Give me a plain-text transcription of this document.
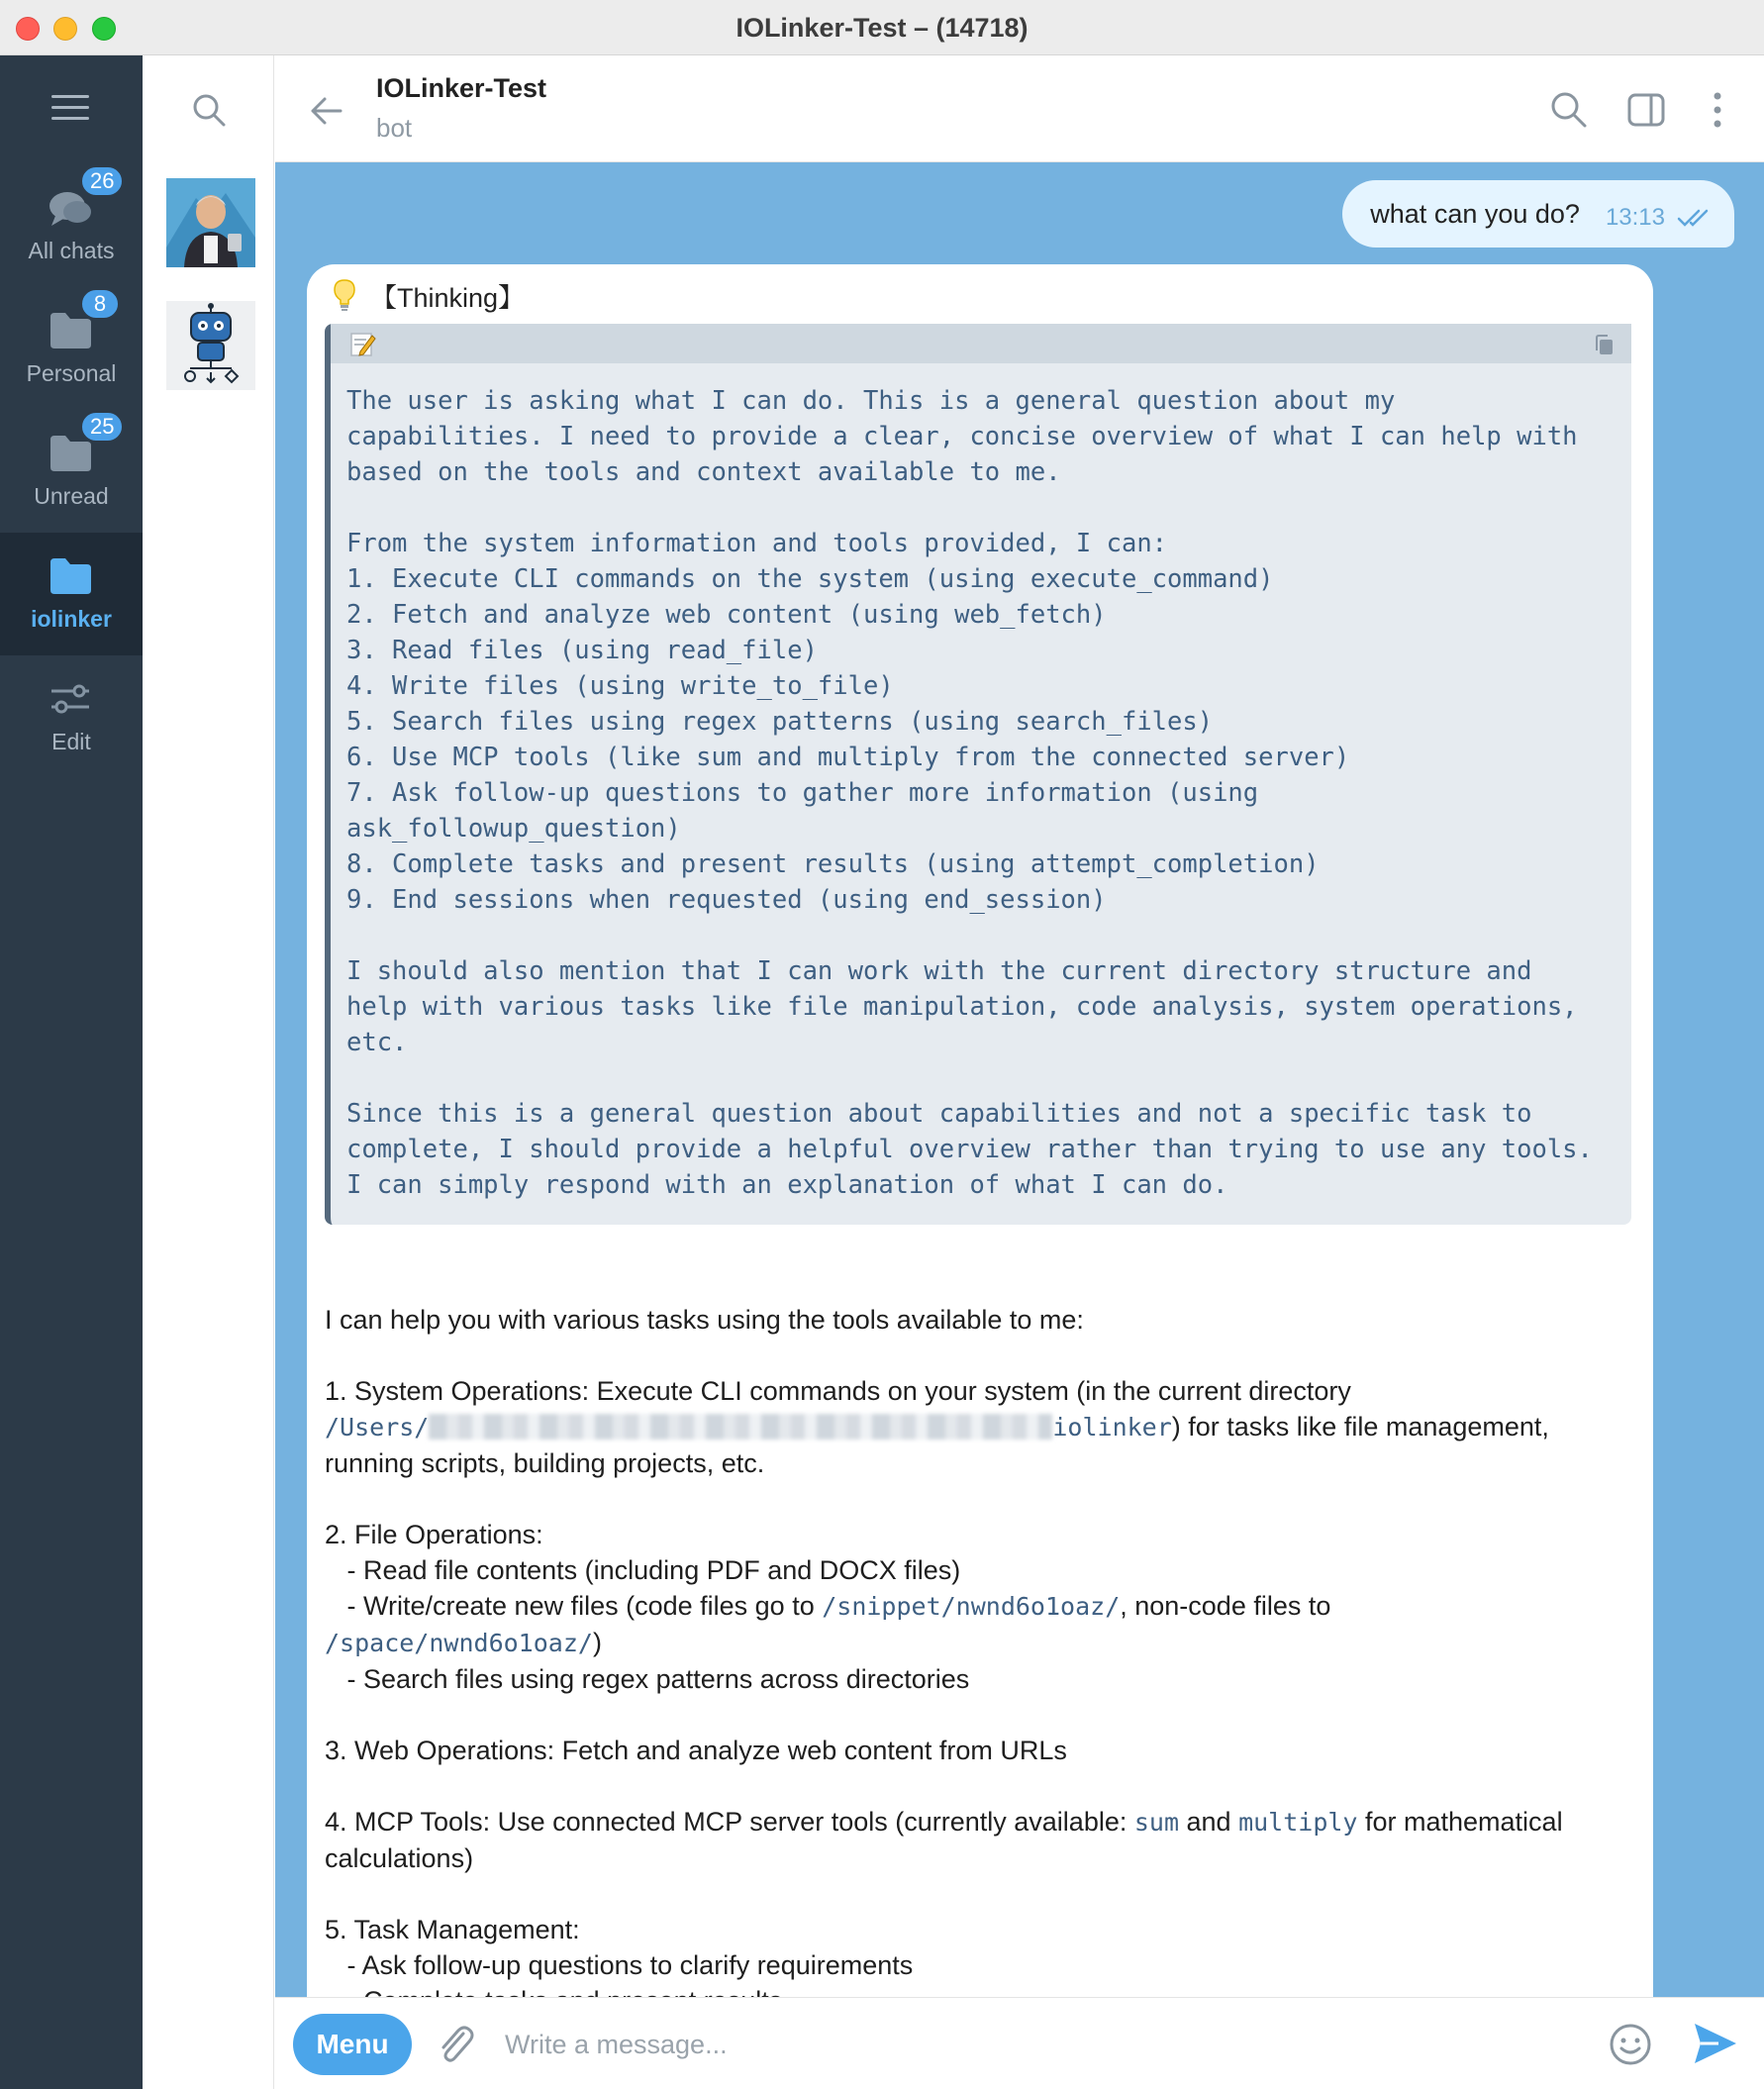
IOLinker-Test – (14718)
26
All chats
8
Personal
25
Unread
iolinker
Edit
IOLinker-Test
bot
what can you do? 13:13
【Thinking】
The user is asking what I can do. This is a general question about my
capabilities. I need to provide a clear, concise overview of what I can help with
based on the tools and context available to me.

From the system information and tools provided, I can:
1. Execute CLI commands on the system (using execute_command)
2. Fetch and analyze web content (using web_fetch)
3. Read files (using read_file)
4. Write files (using write_to_file)
5. Search files using regex patterns (using search_files)
6. Use MCP tools (like sum and multiply from the connected server)
7. Ask follow-up questions to gather more information (using
ask_followup_question)
8. Complete tasks and present results (using attempt_completion)
9. End sessions when requested (using end_session)

I should also mention that I can work with the current directory structure and
help with various tasks like file manipulation, code analysis, system operations,
etc.

Since this is a general question about capabilities and not a specific task to
complete, I should provide a helpful overview rather than trying to use any tools.
I can simply respond with an explanation of what I can do.

I can help you with various tasks using the tools available to me:

1. System Operations: Execute CLI commands on your system (in the current directory
/Users/	iolinker) for tasks like file management,
running scripts, building projects, etc.

2. File Operations:
- Read file contents (including PDF and DOCX files)
- Write/create new files (code files go to /snippet/nwnd6o1oaz/, non-code files to
/space/nwnd6o1oaz/)
- Search files using regex patterns across directories

3. Web Operations: Fetch and analyze web content from URLs

4. MCP Tools: Use connected MCP server tools (currently available: sum and multiply for mathematical
calculations)

5. Task Management:
- Ask follow-up questions to clarify requirements

Menu
Write a message...
